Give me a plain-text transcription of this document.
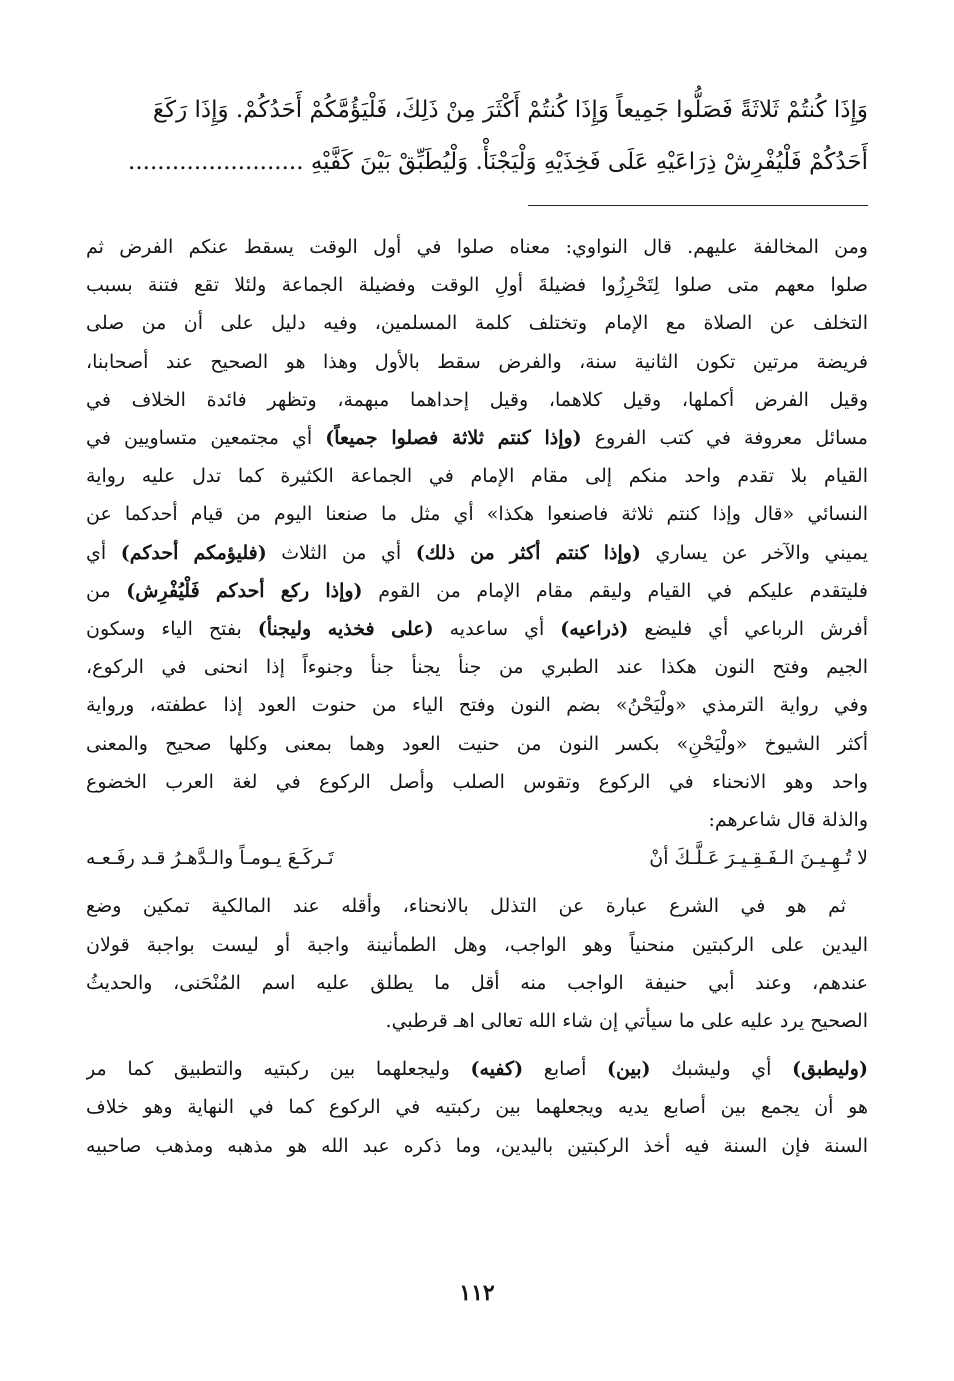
وَإِذَا كُنتُمْ ثَلاثَةً فَصَلُّوا جَمِيعاً وَإِذَا كُنتُمْ أَكْثَرَ مِنْ ذَلِكَ، فَلْيَؤُمَّكُمْ أَحَدُكُمْ. وَإِذَا رَكَعَ
أَحَدُكُمْ فَلْيُفْرِشْ ذِرَاعَيْهِ عَلَى فَخِذَيْهِ وَلْيَجْنَأْ. وَلْيُطَبِّقْ بَيْنَ كَفَّيْهِ ........................
ومن المخالفة عليهم. قال النواوي: معناه صلوا في أول الوقت يسقط عنكم الفرض ثم
صلوا معهم متى صلوا لِتَحْرِزُوا فضيلةَ أولِ الوقت وفضيلة الجماعة ولئلا تقع فتنة بسبب
التخلف عن الصلاة مع الإمام وتختلف كلمة المسلمين، وفيه دليل على أن من صلى
فريضة مرتين تكون الثانية سنة، والفرض سقط بالأول وهذا هو الصحيح عند أصحابنا،
وقيل الفرض أكملها، وقيل كلاهما، وقيل إحداهما مبهمة، وتظهر فائدة الخلاف في
مسائل معروفة في كتب الفروع (وإذا كنتم ثلاثة فصلوا جميعاً) أي مجتمعين متساويين في
القيام بلا تقدم واحد منكم إلى مقام الإمام في الجماعة الكثيرة كما تدل عليه رواية
النسائي «قال وإذا كنتم ثلاثة فاصنعوا هكذا» أي مثل ما صنعنا اليوم من قيام أحدكما عن
يميني والآخر عن يساري (وإذا كنتم أكثر من ذلك) أي من الثلاث (فليؤمكم أحدكم) أي
فليتقدم عليكم في القيام وليقم مقام الإمام من القوم (وإذا ركع أحدكم فَلْيُفْرِش) من
أفرش الرباعي أي فليضع (ذراعيه) أي ساعديه (على فخذيه وليجنأ) بفتح الياء وسكون
الجيم وفتح النون هكذا عند الطبري من جنأ يجنأ جنأ وجنوءاً إذا انحنى في الركوع،
وفي رواية الترمذي «ولْيَحْنُ» بضم النون وفتح الياء من حنوت العود إذا عطفته، ورواية
أكثر الشيوخ «ولْيَحْنِ» بكسر النون من حنيت العود وهما بمعنى وكلها صحيح والمعنى
واحد وهو الانحناء في الركوع وتقوس الصلب وأصل الركوع في لغة العرب الخضوع
والذلة قال شاعرهم:
لا تُـهِـيـنَ الـفَـقِـيـرَ عَـلَّـكَ أنْ
تَـركَـعَ يـومـاً والـدَّهـرُ قـد رفَـعـه
ثم هو في الشرع عبارة عن التذلل بالانحناء، وأقله عند المالكية تمكين وضع
اليدين على الركبتين منحنياً وهو الواجب، وهل الطمأنينة واجبة أو ليست بواجبة قولان
عندهم، وعند أبي حنيفة الواجب منه أقل ما يطلق عليه اسم المُنْحَنى، والحديثُ
الصحيح يرد عليه على ما سيأتي إن شاء الله تعالى اهـ قرطبي.
(وليطبق) أي وليشبك (بين) أصابع (كفيه) وليجعلهما بين ركبتيه والتطبيق كما مر
هو أن يجمع بين أصابع يديه ويجعلهما بين ركبتيه في الركوع كما في النهاية وهو خلاف
السنة فإن السنة فيه أخذ الركبتين باليدين، وما ذكره عبد الله هو مذهبه ومذهب صاحبيه
١١٢
